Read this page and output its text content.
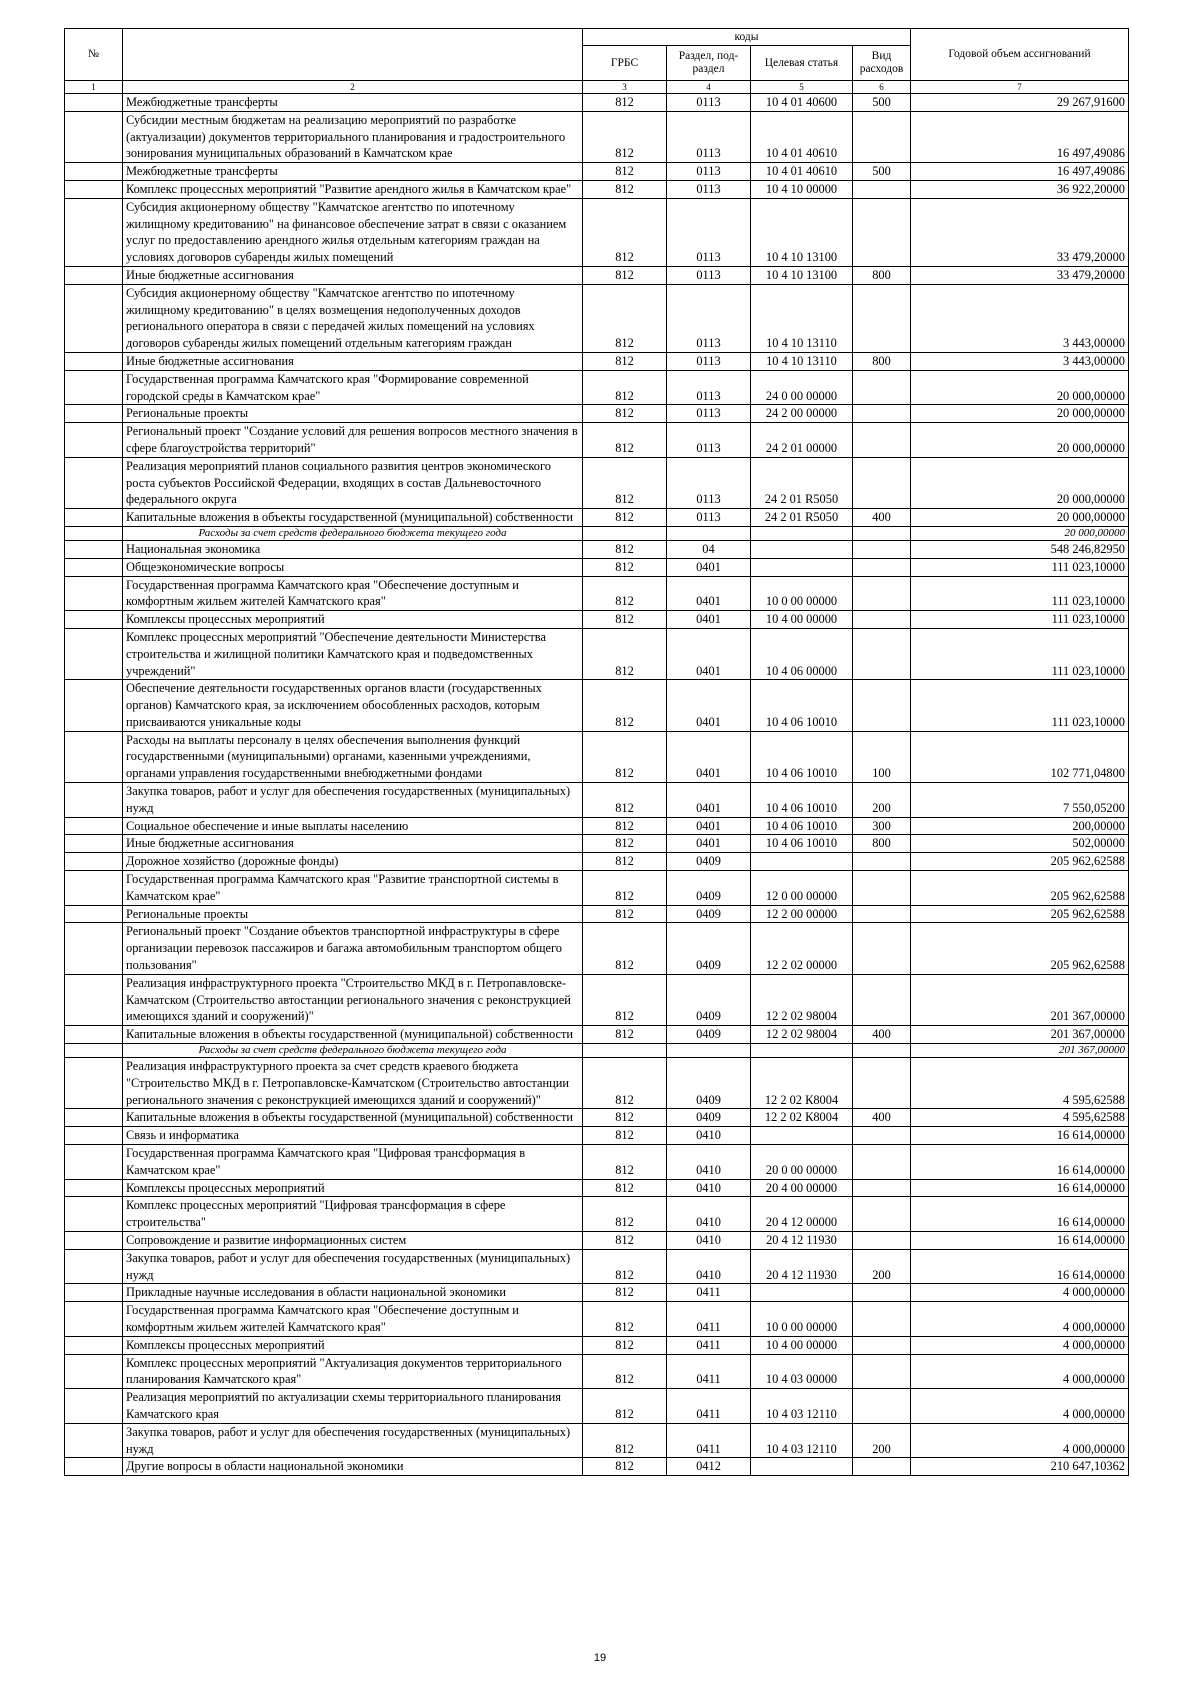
№		коды				Годовой объем ассигнований
		ГРБС	Раздел, под-раздел	Целевая статья	Вид расходов	
1	2	3	4	5	6	7
	Межбюджетные трансферты	812	0113	10 4 01 40600	500	29 267,91600
	Субсидии местным бюджетам на реализацию мероприятий по разработке (актуализации) документов территориального планирования и градостроительного зонирования муниципальных образований в Камчатском крае	812	0113	10 4 01 40610		16 497,49086
	Межбюджетные трансферты	812	0113	10 4 01 40610	500	16 497,49086
	Комплекс процессных мероприятий "Развитие арендного жилья в Камчатском крае"	812	0113	10 4 10 00000		36 922,20000
	Субсидия акционерному обществу "Камчатское агентство по ипотечному жилищному кредитованию" на финансовое обеспечение затрат в связи с оказанием услуг по предоставлению арендного жилья отдельным категориям граждан на условиях договоров субаренды жилых помещений	812	0113	10 4 10 13100		33 479,20000
	Иные бюджетные ассигнования	812	0113	10 4 10 13100	800	33 479,20000
	Субсидия акционерному обществу "Камчатское агентство по ипотечному жилищному кредитованию" в целях возмещения недополученных доходов регионального оператора в связи с передачей жилых помещений на условиях договоров субаренды жилых помещений отдельным категориям граждан	812	0113	10 4 10 13110		3 443,00000
	Иные бюджетные ассигнования	812	0113	10 4 10 13110	800	3 443,00000
	Государственная программа Камчатского края "Формирование современной городской среды в Камчатском крае"	812	0113	24 0 00 00000		20 000,00000
	Региональные проекты	812	0113	24 2 00 00000		20 000,00000
	Региональный проект "Создание условий для решения вопросов местного значения в сфере благоустройства территорий"	812	0113	24 2 01 00000		20 000,00000
	Реализация мероприятий планов социального развития центров экономического роста субъектов Российской Федерации, входящих в состав Дальневосточного федерального округа	812	0113	24 2 01 R5050		20 000,00000
	Капитальные вложения в объекты государственной (муниципальной) собственности	812	0113	24 2 01 R5050	400	20 000,00000
	Расходы за счет средств федерального бюджета текущего года					20 000,00000
	Национальная экономика	812	04			548 246,82950
	Общеэкономические вопросы	812	0401			111 023,10000
	Государственная программа Камчатского края "Обеспечение доступным и комфортным жильем жителей Камчатского края"	812	0401	10 0 00 00000		111 023,10000
	Комплексы процессных мероприятий	812	0401	10 4 00 00000		111 023,10000
	Комплекс процессных мероприятий "Обеспечение деятельности Министерства строительства и жилищной политики Камчатского края и подведомственных учреждений"	812	0401	10 4 06 00000		111 023,10000
	Обеспечение деятельности государственных органов власти (государственных органов) Камчатского края, за исключением обособленных расходов, которым присваиваются уникальные коды	812	0401	10 4 06 10010		111 023,10000
	Расходы на выплаты персоналу в целях обеспечения выполнения функций государственными (муниципальными) органами, казенными учреждениями, органами управления государственными внебюджетными фондами	812	0401	10 4 06 10010	100	102 771,04800
	Закупка товаров, работ и услуг для обеспечения государственных (муниципальных) нужд	812	0401	10 4 06 10010	200	7 550,05200
	Социальное обеспечение и иные выплаты населению	812	0401	10 4 06 10010	300	200,00000
	Иные бюджетные ассигнования	812	0401	10 4 06 10010	800	502,00000
	Дорожное хозяйство (дорожные фонды)	812	0409			205 962,62588
	Государственная программа Камчатского края "Развитие транспортной системы в Камчатском крае"	812	0409	12 0 00 00000		205 962,62588
	Региональные проекты	812	0409	12 2 00 00000		205 962,62588
	Региональный проект "Создание объектов транспортной инфраструктуры в сфере организации перевозок пассажиров и багажа автомобильным транспортом общего пользования"	812	0409	12 2 02 00000		205 962,62588
	Реализация инфраструктурного проекта "Строительство МКД в г. Петропавловске-Камчатском (Строительство автостанции регионального значения с реконструкцией имеющихся зданий и сооружений)"	812	0409	12 2 02 98004		201 367,00000
	Капитальные вложения в объекты государственной (муниципальной) собственности	812	0409	12 2 02 98004	400	201 367,00000
	Расходы за счет средств федерального бюджета текущего года					201 367,00000
	Реализация инфраструктурного проекта за счет средств краевого бюджета "Строительство МКД в г. Петропавловске-Камчатском (Строительство автостанции регионального значения с реконструкцией имеющихся зданий и сооружений)"	812	0409	12 2 02 К8004		4 595,62588
	Капитальные вложения в объекты государственной (муниципальной) собственности	812	0409	12 2 02 К8004	400	4 595,62588
	Связь и информатика	812	0410			16 614,00000
	Государственная программа Камчатского края "Цифровая трансформация в Камчатском крае"	812	0410	20 0 00 00000		16 614,00000
	Комплексы процессных мероприятий	812	0410	20 4 00 00000		16 614,00000
	Комплекс процессных мероприятий "Цифровая трансформация в сфере строительства"	812	0410	20 4 12 00000		16 614,00000
	Сопровождение и развитие информационных систем	812	0410	20 4 12 11930		16 614,00000
	Закупка товаров, работ и услуг для обеспечения государственных (муниципальных) нужд	812	0410	20 4 12 11930	200	16 614,00000
	Прикладные научные исследования в области национальной экономики	812	0411			4 000,00000
	Государственная программа Камчатского края "Обеспечение доступным и комфортным жильем жителей Камчатского края"	812	0411	10 0 00 00000		4 000,00000
	Комплексы процессных мероприятий	812	0411	10 4 00 00000		4 000,00000
	Комплекс процессных мероприятий "Актуализация документов территориального планирования Камчатского края"	812	0411	10 4 03 00000		4 000,00000
	Реализация мероприятий по актуализации схемы территориального планирования Камчатского края	812	0411	10 4 03 12110		4 000,00000
	Закупка товаров, работ и услуг для обеспечения государственных (муниципальных) нужд	812	0411	10 4 03 12110	200	4 000,00000
	Другие вопросы в области национальной экономики	812	0412			210 647,10362
19
